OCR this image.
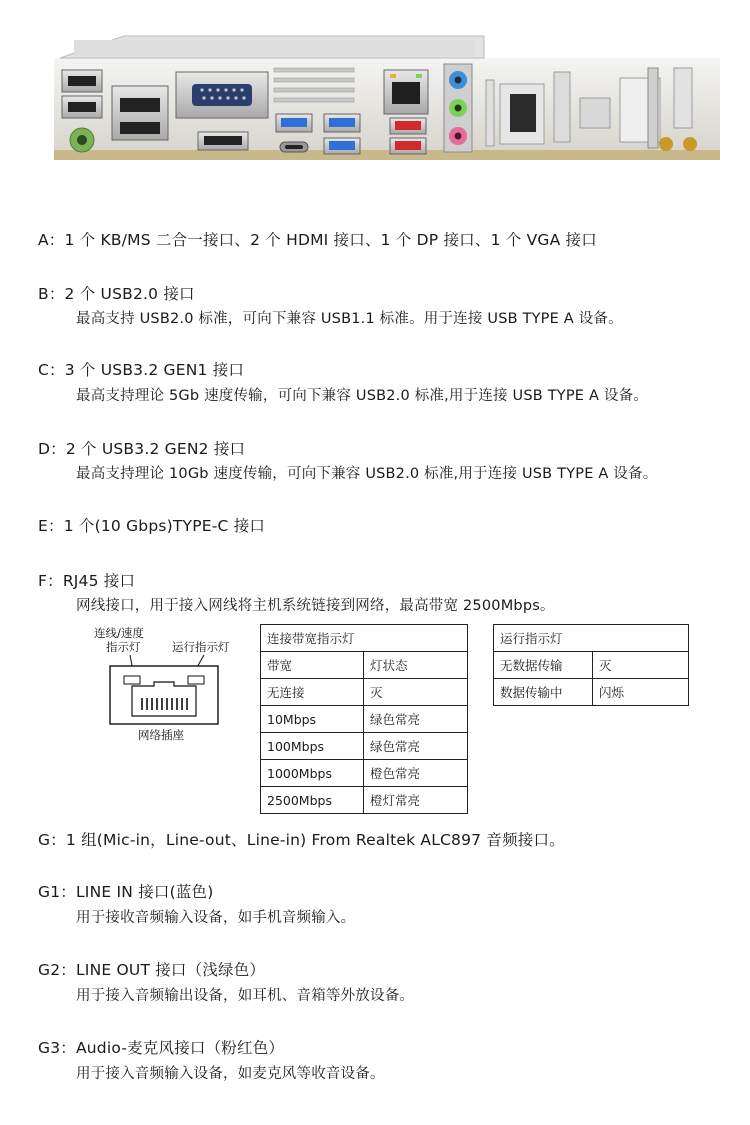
A：1 个 KB/MS 二合一接口、2 个 HDMI 接口、1 个 DP 接口、1 个 VGA 接口
B：2 个 USB2.0 接口
最高支持 USB2.0 标准，可向下兼容 USB1.1 标准。用于连接 USB TYPE A 设备。
C：3 个 USB3.2 GEN1 接口
最高支持理论 5Gb 速度传输，可向下兼容 USB2.0 标准,用于连接 USB TYPE A 设备。
D：2 个 USB3.2 GEN2 接口
最高支持理论 10Gb 速度传输，可向下兼容 USB2.0 标准,用于连接 USB TYPE A 设备。
E：1 个(10 Gbps)TYPE-C 接口
F：RJ45 接口
网线接口，用于接入网线将主机系统链接到网络，最高带宽 2500Mbps。
连线/速度
指示灯	运行指示灯
网络插座
连接带宽指示灯	
带宽	灯状态
无连接	灭
10Mbps	绿色常亮
100Mbps	绿色常亮
1000Mbps	橙色常亮
2500Mbps	橙灯常亮
运行指示灯	
无数据传输	灭
数据传输中	闪烁
G：1 组(Mic-in，Line-out、Line-in) From Realtek ALC897 音频接口。
G1：LINE IN 接口(蓝色)
用于接收音频输入设备，如手机音频输入。
G2：LINE OUT 接口（浅绿色）
用于接入音频输出设备，如耳机、音箱等外放设备。
G3：Audio-麦克风接口（粉红色）
用于接入音频输入设备，如麦克风等收音设备。
